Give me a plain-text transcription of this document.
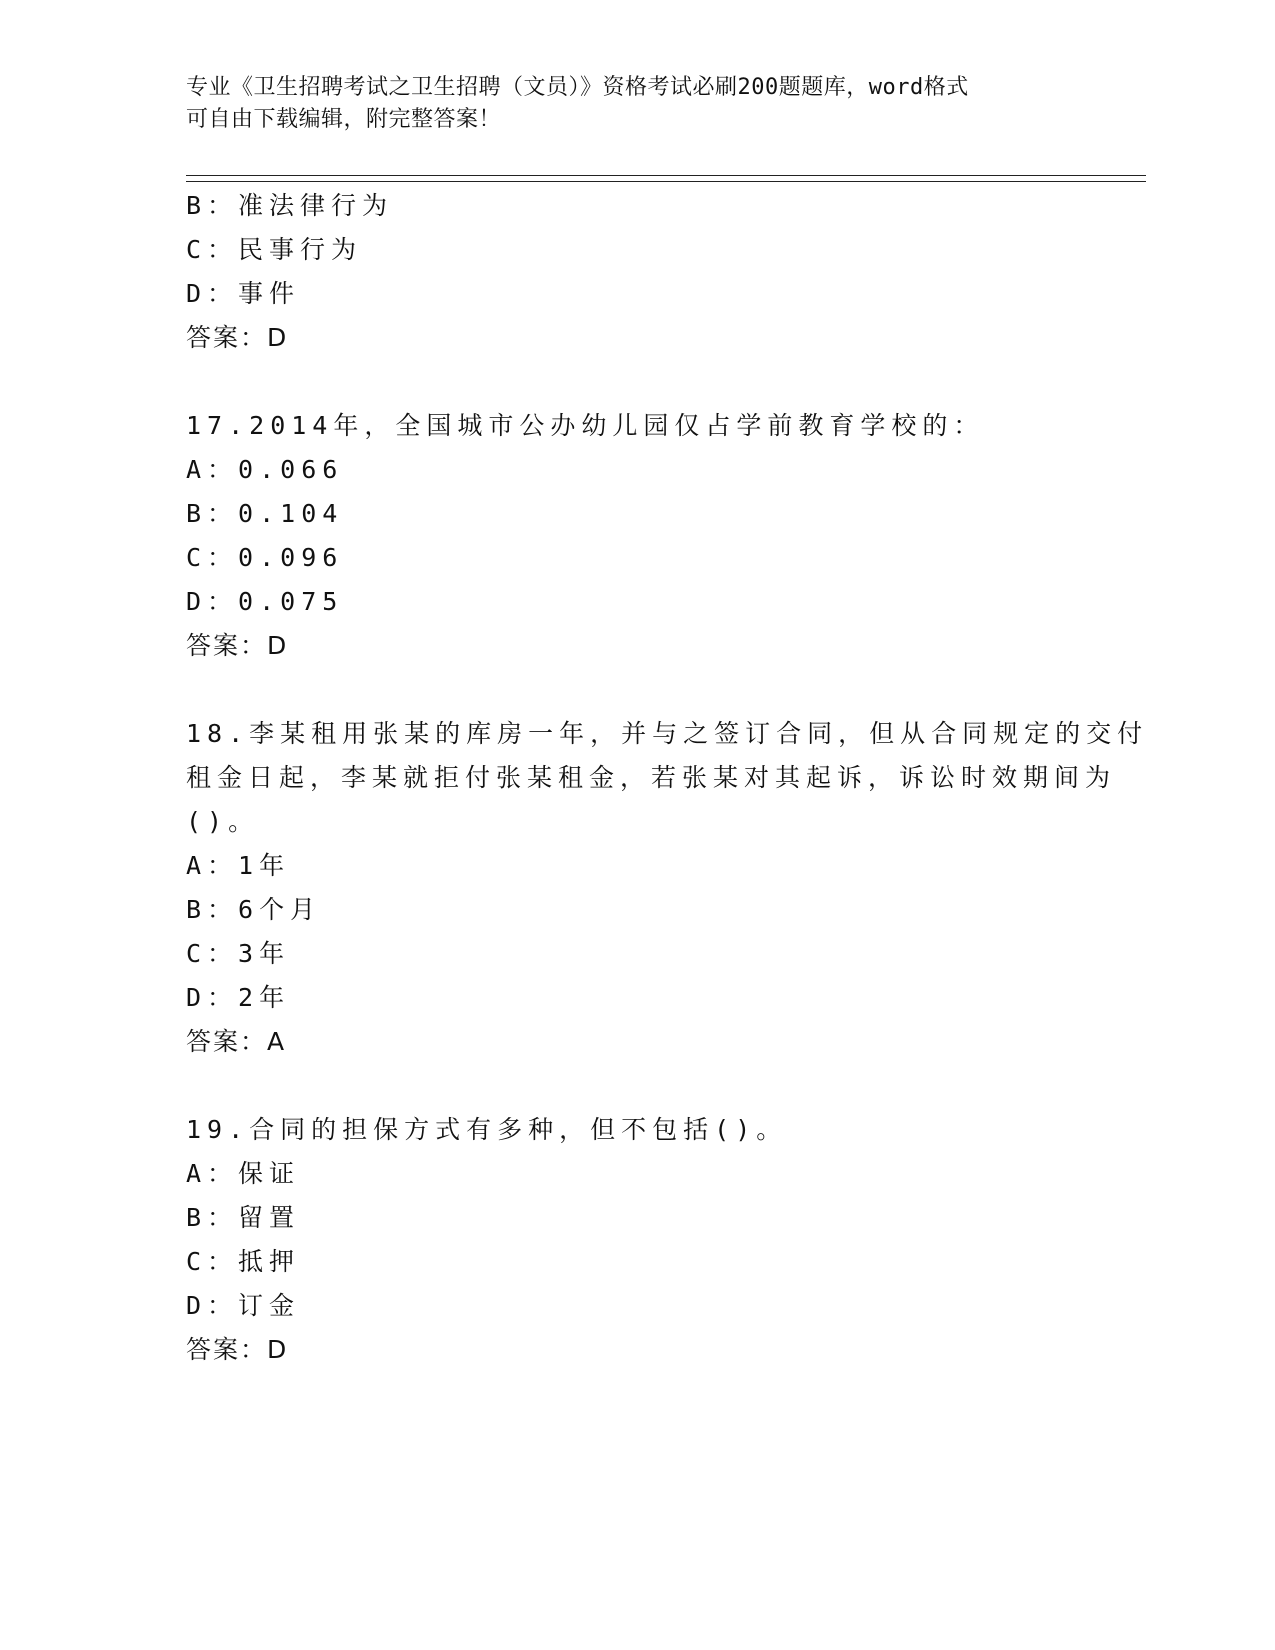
专业《卫生招聘考试之卫生招聘（文员）》资格考试必刷200题题库，word格式
可自由下载编辑，附完整答案！
B：准法律行为
C：民事行为
D：事件
答案：D
17.2014年，全国城市公办幼儿园仅占学前教育学校的：
A：0.066
B：0.104
C：0.096
D：0.075
答案：D
18.李某租用张某的库房一年，并与之签订合同，但从合同规定的交付
租金日起，李某就拒付张某租金，若张某对其起诉，诉讼时效期间为
()。
A：1年
B：6个月
C：3年
D：2年
答案：A
19.合同的担保方式有多种，但不包括()。
A：保证
B：留置
C：抵押
D：订金
答案：D
